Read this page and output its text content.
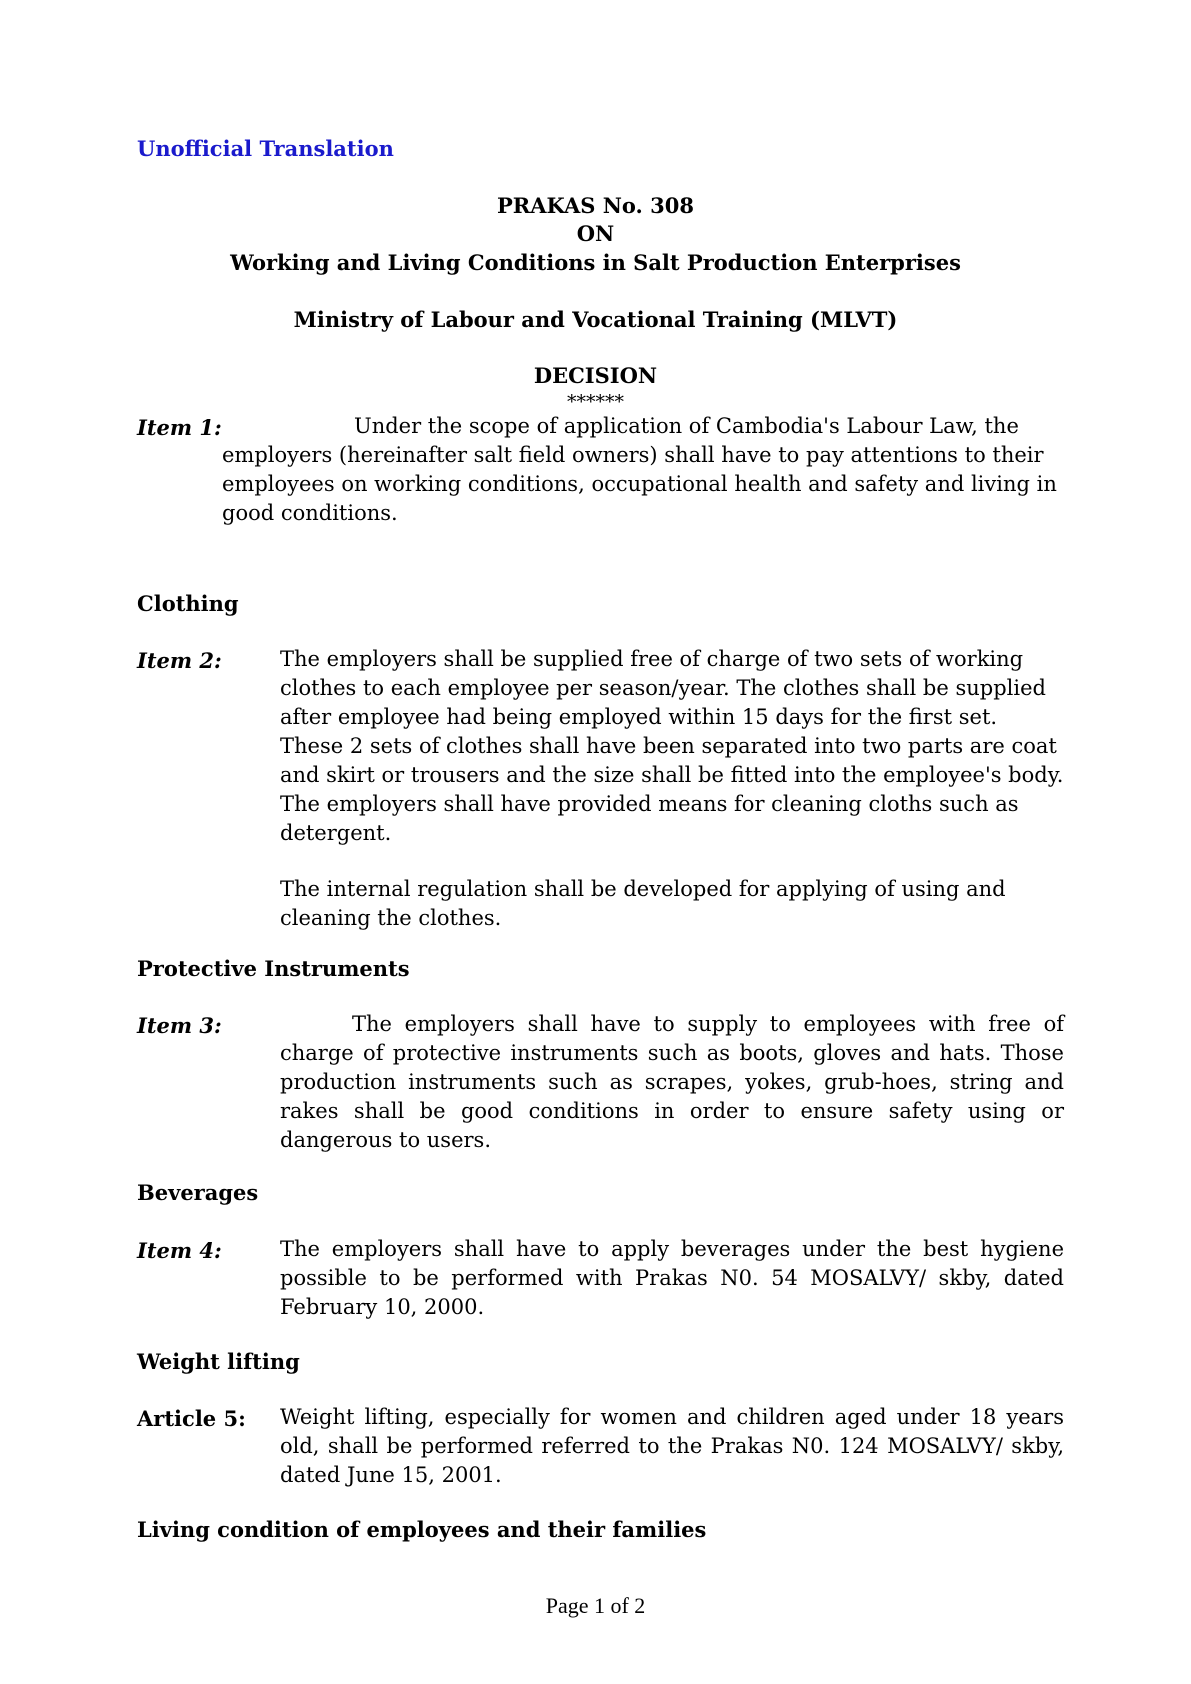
Unofficial Translation
PRAKAS No. 308
ON
Working and Living Conditions in Salt Production Enterprises
Ministry of Labour and Vocational Training (MLVT)
DECISION
******
Item 1:	Under the scope of application of Cambodia's Labour Law, the employers (hereinafter salt field owners) shall have to pay attentions to their employees on working conditions, occupational health and safety and living in good conditions.

Clothing
Item 2:	The employers shall be supplied free of charge of two sets of working clothes to each employee per season/year. The clothes shall be supplied after employee had being employed within 15 days for the first set. These 2 sets of clothes shall have been separated into two parts are coat and skirt or trousers and the size shall be fitted into the employee's body. The employers shall have provided means for cleaning cloths such as detergent.

The internal regulation shall be developed for applying of using and cleaning the clothes.

Protective Instruments
Item 3:	The employers shall have to supply to employees with free of charge of protective instruments such as boots, gloves and hats. Those production instruments such as scrapes, yokes, grub-hoes, string and rakes shall be good conditions in order to ensure safety using or dangerous to users.

Beverages
Item 4:	The employers shall have to apply beverages under the best hygiene possible to be performed with Prakas N0. 54 MOSALVY/ skby, dated February 10, 2000.

Weight lifting
Article 5: Weight lifting, especially for women and children aged under 18 years old, shall be performed referred to the Prakas N0. 124 MOSALVY/ skby, dated June 15, 2001.

Living condition of employees and their families
Page 1 of 2
